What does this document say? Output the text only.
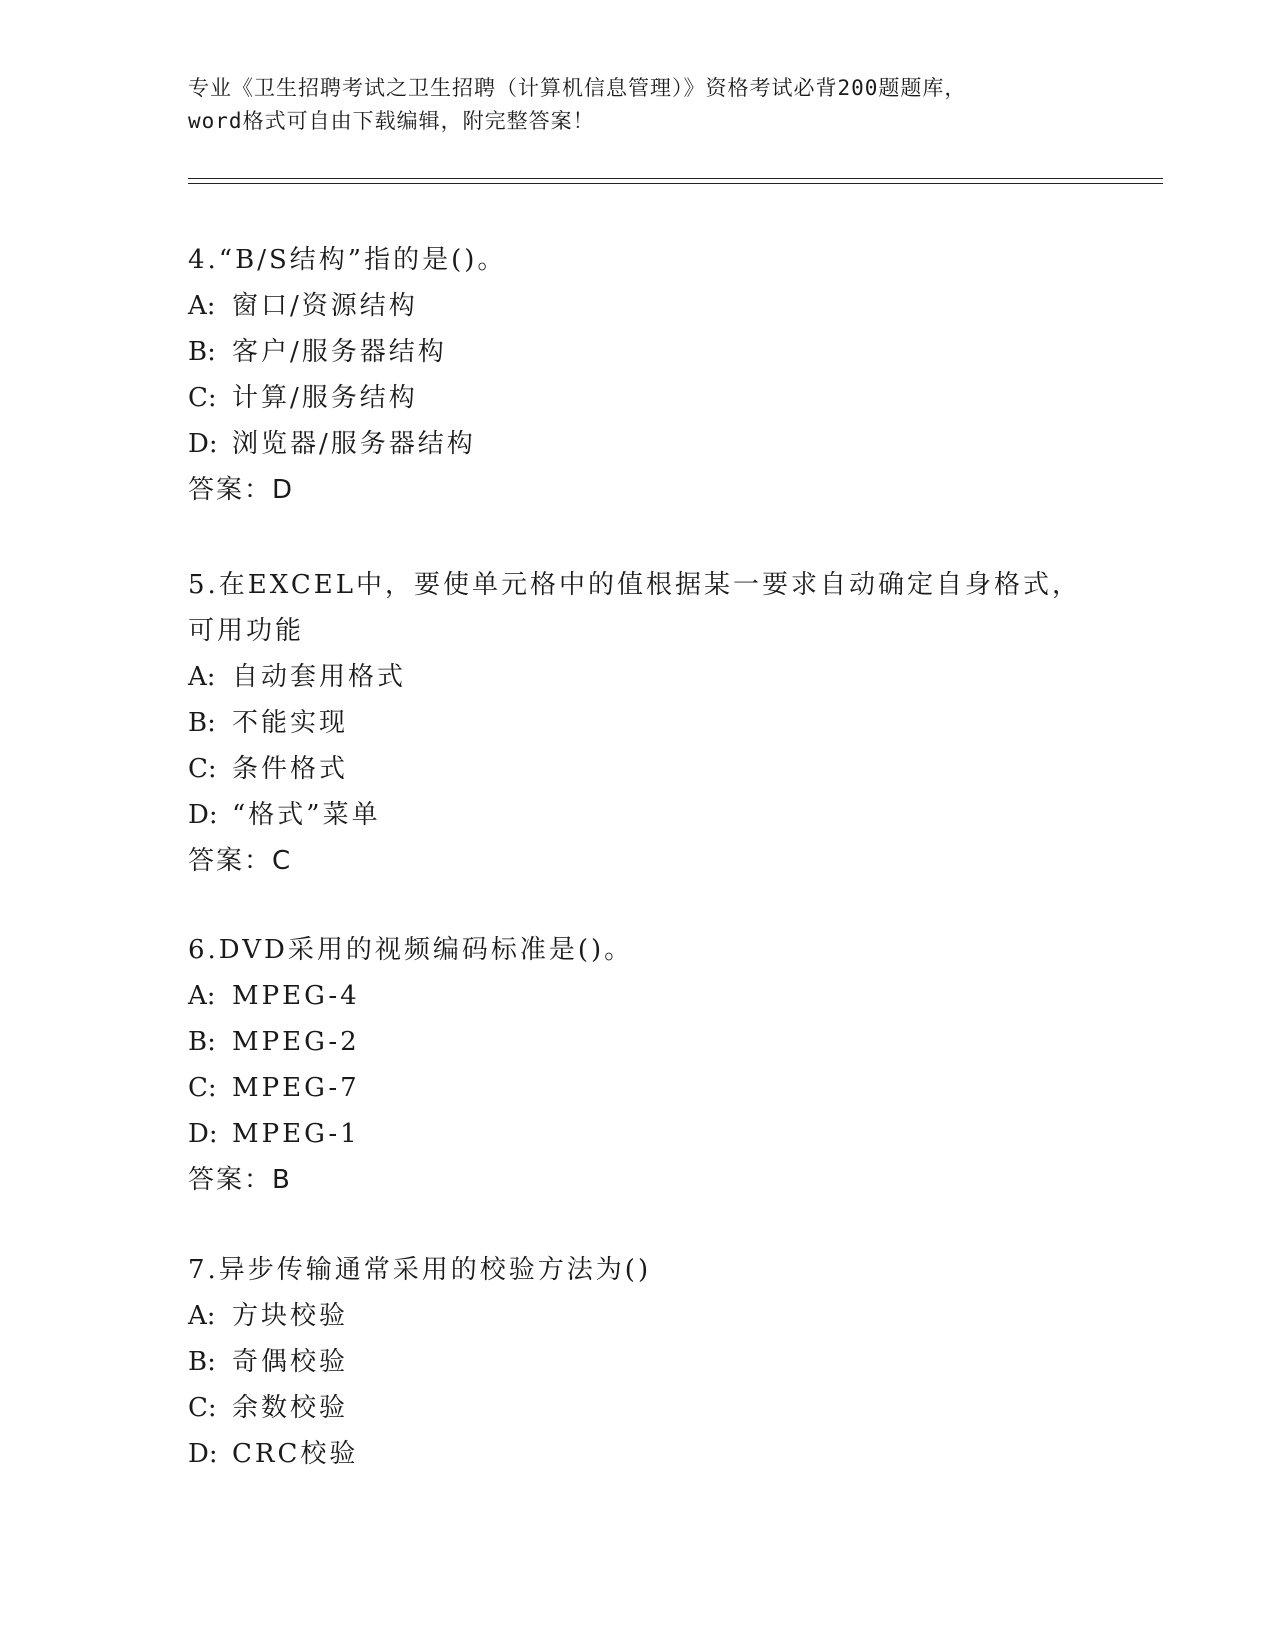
专业《卫生招聘考试之卫生招聘（计算机信息管理）》资格考试必背200题题库，
word格式可自由下载编辑，附完整答案！
4.“B/S结构”指的是()。
A: 窗口/资源结构
B: 客户/服务器结构
C: 计算/服务结构
D: 浏览器/服务器结构
答案：D
5.在EXCEL中，要使单元格中的值根据某一要求自动确定自身格式，
可用功能
A: 自动套用格式
B: 不能实现
C: 条件格式
D: “格式”菜单
答案：C
6.DVD采用的视频编码标准是()。
A: MPEG-4
B: MPEG-2
C: MPEG-7
D: MPEG-1
答案：B
7.异步传输通常采用的校验方法为()
A: 方块校验
B: 奇偶校验
C: 余数校验
D: CRC校验
